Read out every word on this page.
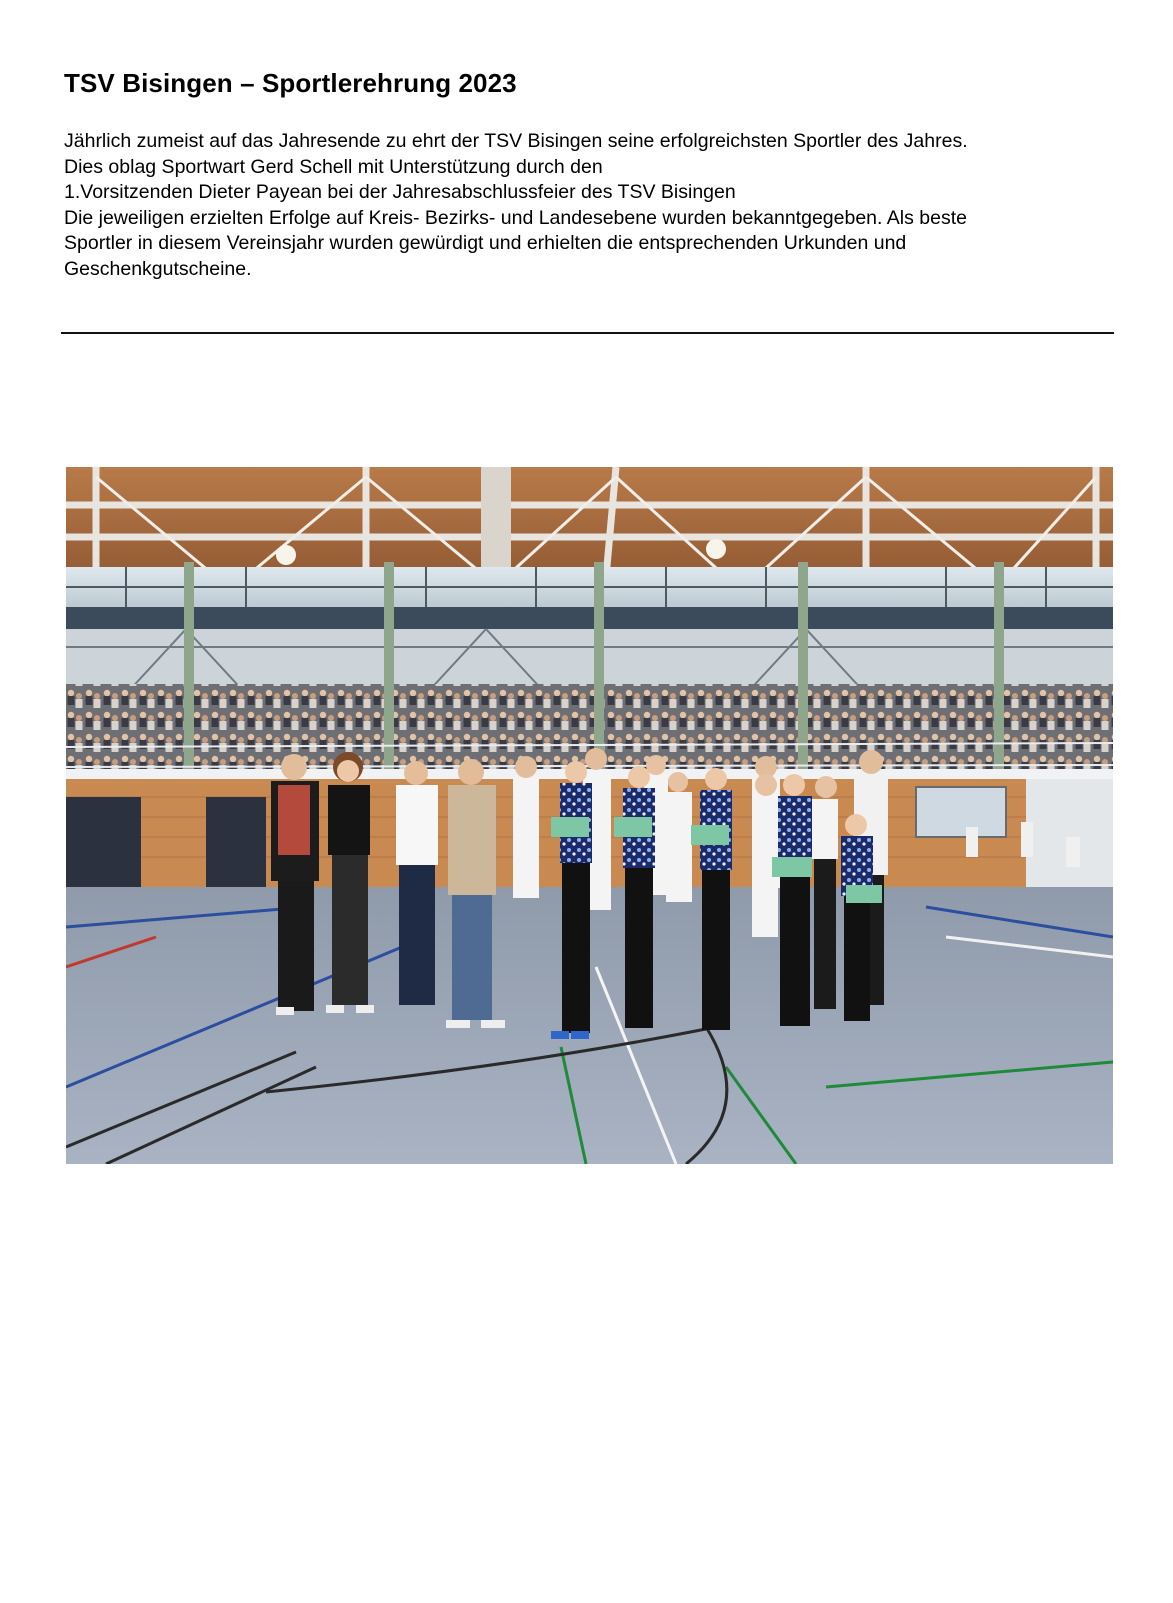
TSV Bisingen – Sportlerehrung 2023
Jährlich zumeist auf das Jahresende zu ehrt der TSV Bisingen seine erfolgreichsten Sportler des Jahres.
Dies oblag Sportwart Gerd Schell mit Unterstützung durch den
1.Vorsitzenden Dieter Payean bei der Jahresabschlussfeier des TSV Bisingen
Die jeweiligen erzielten Erfolge auf Kreis- Bezirks- und Landesebene wurden bekanntgegeben. Als beste
Sportler in diesem Vereinsjahr wurden gewürdigt und erhielten die entsprechenden Urkunden und
Geschenkgutscheine.
